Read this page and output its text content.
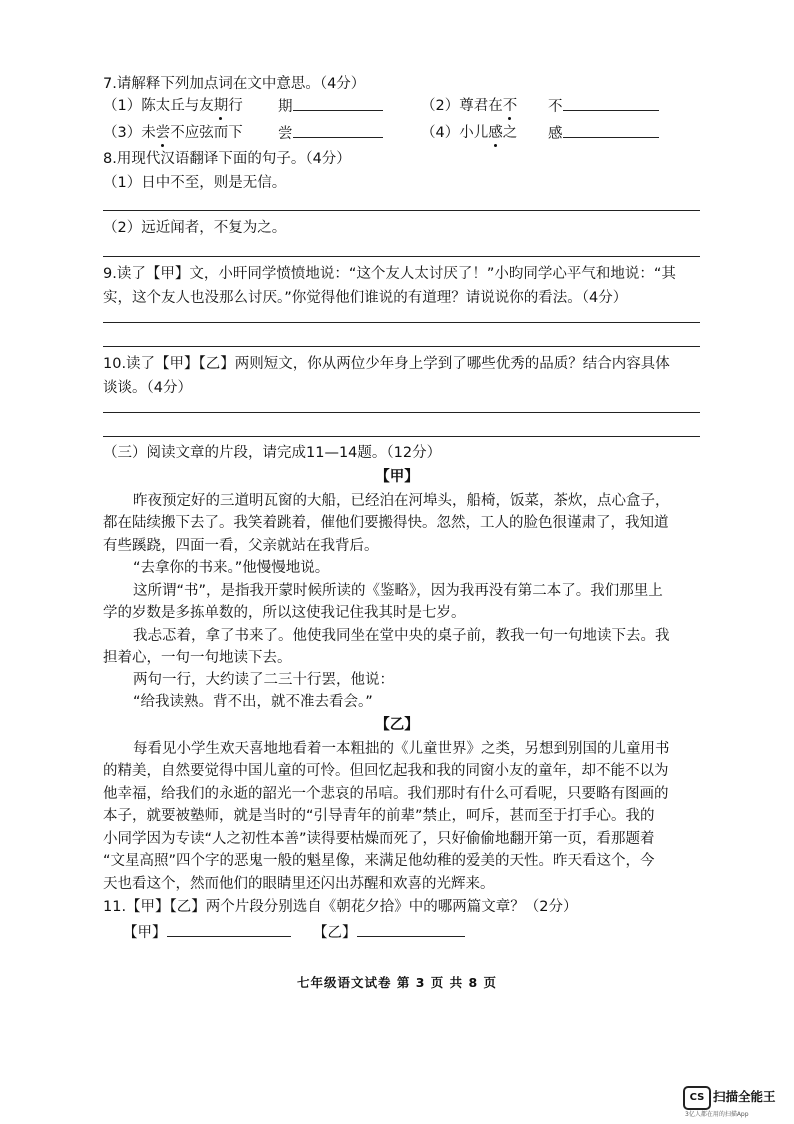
7.请解释下列加点词在文中意思。（4分）
（1）陈太丘与友期行 期	（2）尊君在不 不
（3）未尝不应弦而下 尝	（4）小儿感之 感
8.用现代汉语翻译下面的句子。（4分）
（1）日中不至，则是无信。
（2）远近闻者，不复为之。
9.读了【甲】文，小旰同学愤愤地说：“这个友人太讨厌了！”小昀同学心平气和地说：“其
实，这个友人也没那么讨厌。”你觉得他们谁说的有道理？请说说你的看法。（4分）
10.读了【甲】【乙】两则短文，你从两位少年身上学到了哪些优秀的品质？结合内容具体
谈谈。（4分）
（三）阅读文章的片段，请完成11—14题。（12分）
【甲】
昨夜预定好的三道明瓦窗的大船，已经泊在河埠头，船椅，饭菜，茶炊，点心盒子，
都在陆续搬下去了。我笑着跳着，催他们要搬得快。忽然，工人的脸色很谨肃了，我知道
有些蹊跷，四面一看，父亲就站在我背后。
“去拿你的书来。”他慢慢地说。
这所谓“书”，是指我开蒙时候所读的《鉴略》，因为我再没有第二本了。我们那里上
学的岁数是多拣单数的，所以这使我记住我其时是七岁。
我忐忑着，拿了书来了。他使我同坐在堂中央的桌子前，教我一句一句地读下去。我
担着心，一句一句地读下去。
两句一行，大约读了二三十行罢，他说：
“给我读熟。背不出，就不准去看会。”
【乙】
每看见小学生欢天喜地地看着一本粗拙的《儿童世界》之类，另想到别国的儿童用书
的精美，自然要觉得中国儿童的可怜。但回忆起我和我的同窗小友的童年，却不能不以为
他幸福，给我们的永逝的韶光一个悲哀的吊唁。我们那时有什么可看呢，只要略有图画的
本子，就要被塾师，就是当时的“引导青年的前辈”禁止，呵斥，甚而至于打手心。我的
小同学因为专读“人之初性本善”读得要枯燥而死了，只好偷偷地翻开第一页，看那题着
“文星高照”四个字的恶鬼一般的魁星像，来满足他幼稚的爱美的天性。昨天看这个，今
天也看这个，然而他们的眼睛里还闪出苏醒和欢喜的光辉来。
11.【甲】【乙】两个片段分别选自《朝花夕拾》中的哪两篇文章？（2分）
【甲】	【乙】
七年级语文试卷 第 3 页 共 8 页
CS 扫描全能王
3亿人都在用的扫描App
